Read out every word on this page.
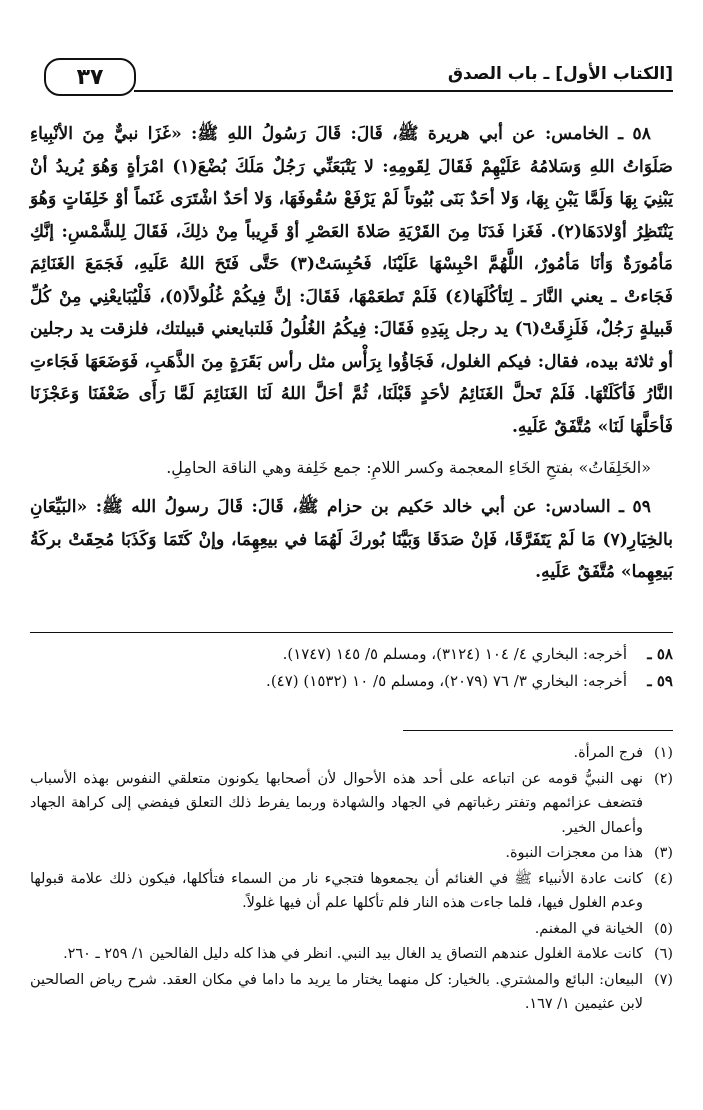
٣٧	[الكتاب الأول] ـ باب الصدق

٥٨ ـ الخامس: عن أبي هريرة ﷺ، قَالَ: قَالَ رَسُولُ اللهِ ﷺ: «غَزَا نبيٌّ مِنَ الأنْبِياءِ صَلَوَاتُ اللهِ وَسَلامُهُ عَلَيْهِمْ فَقَالَ لِقَومِهِ: لا يَتْبَعَنِّي رَجُلٌ مَلَكَ بُضْعَ(١) امْرَأةٍ وَهُوَ يُريدُ أنْ يَبْنِيَ بِهَا وَلَمَّا يَبْنِ بِهَا، وَلا أحَدٌ بَنَى بُيُوتاً لَمْ يَرْفَعْ سُقُوفَهَا، وَلا أحَدٌ اشْتَرَى غَنَماً أوْ خَلِفَاتٍ وَهُوَ يَنْتَظِرُ أوْلادَهَا(٢). فَغَزا فَدَنَا مِنَ القَرْيَةِ صَلاةَ العَصْرِ أوْ قَرِيباً مِنْ ذلِكَ، فَقَالَ لِلشَّمْسِ: إنَّكِ مَأمُورَةٌ وَأنَا مَأمُورٌ، اللَّهُمَّ احْبِسْهَا عَلَيْنَا، فَحُبِسَتْ(٣) حَتَّى فَتَحَ اللهُ عَلَيهِ، فَجَمَعَ الغَنَائِمَ فَجَاءتْ ـ يعني النَّارَ ـ لِتَأكُلَهَا(٤) فَلَمْ تَطعَمْهَا، فَقَالَ: إنَّ فِيكُمْ غُلُولاً(٥)، فَلْيُبَايعْنِي مِنْ كُلِّ قَبيلةٍ رَجُلٌ، فَلَزِقَتْ(٦) يد رجل بِيَدِهِ فَقَالَ: فِيكُمُ الغُلُولُ فَلتبايعني قبيلتك، فلزقت يد رجلين أو ثلاثة بيده، فقال: فيكم الغلول، فَجَاؤُوا بِرَأْس مثل رأس بَقَرَةٍ مِنَ الذَّهَبِ، فَوَضَعَهَا فَجَاءتِ النَّارُ فَأكَلَتْهَا. فَلَمْ تَحلَّ الغَنَائِمُ لأحَدٍ قَبْلَنَا، ثُمَّ أحَلَّ اللهُ لَنَا الغَنَائِمَ لَمَّا رَأَى ضَعْفَنَا وَعَجْزَنَا فَأحَلَّهَا لَنَا» مُتَّفَقٌ عَلَيهِ.

«الخَلِفَاتُ» بفتحِ الخَاءِ المعجمة وكسر اللامِ: جمع خَلِفة وهي الناقة الحامِلِ.

٥٩ ـ السادس: عن أبي خالد حَكيم بن حزام ﷺ، قَالَ: قَالَ رسولُ الله ﷺ: «البَيِّعَانِ بالخِيَارِ(٧) مَا لَمْ يَتَفَرَّقَا، فَإنْ صَدَقَا وَبَيَّنَا بُوركَ لَهُمَا في بيعِهِمَا، وإنْ كَتَمَا وَكَذَبَا مُحِقَتْ بركَةُ بَيعِهِما» مُتَّفَقٌ عَلَيهِ.

٥٨ ـ
أخرجه: البخاري ٤/ ١٠٤ (٣١٢٤)، ومسلم ٥/ ١٤٥ (١٧٤٧).
٥٩ ـ
أخرجه: البخاري ٣/ ٧٦ (٢٠٧٩)، ومسلم ٥/ ١٠ (١٥٣٢) (٤٧).
(١)
فرج المرأة.
(٢)
نهى النبيُّ قومه عن اتباعه على أحد هذه الأحوال لأن أصحابها يكونون متعلقي النفوس بهذه الأسباب فتضعف عزائمهم وتفتر رغباتهم في الجهاد والشهادة وربما يفرط ذلك التعلق فيفضي إلى كراهة الجهاد وأعمال الخير.
(٣)
هذا من معجزات النبوة.
(٤)
كانت عادة الأنبياء ﷺ في الغنائم أن يجمعوها فتجيء نار من السماء فتأكلها، فيكون ذلك علامة قبولها وعدم الغلول فيها، فلما جاءت هذه النار فلم تأكلها علم أن فيها غلولاً.
(٥)
الخيانة في المغنم.
(٦)
كانت علامة الغلول عندهم التصاق يد الغال بيد النبي. انظر في هذا كله دليل الفالحين ١/ ٢٥٩ ـ ٢٦٠.
(٧)
البيعان: البائع والمشتري. بالخيار: كل منهما يختار ما يريد ما داما في مكان العقد. شرح رياض الصالحين لابن عثيمين ١/ ١٦٧.
